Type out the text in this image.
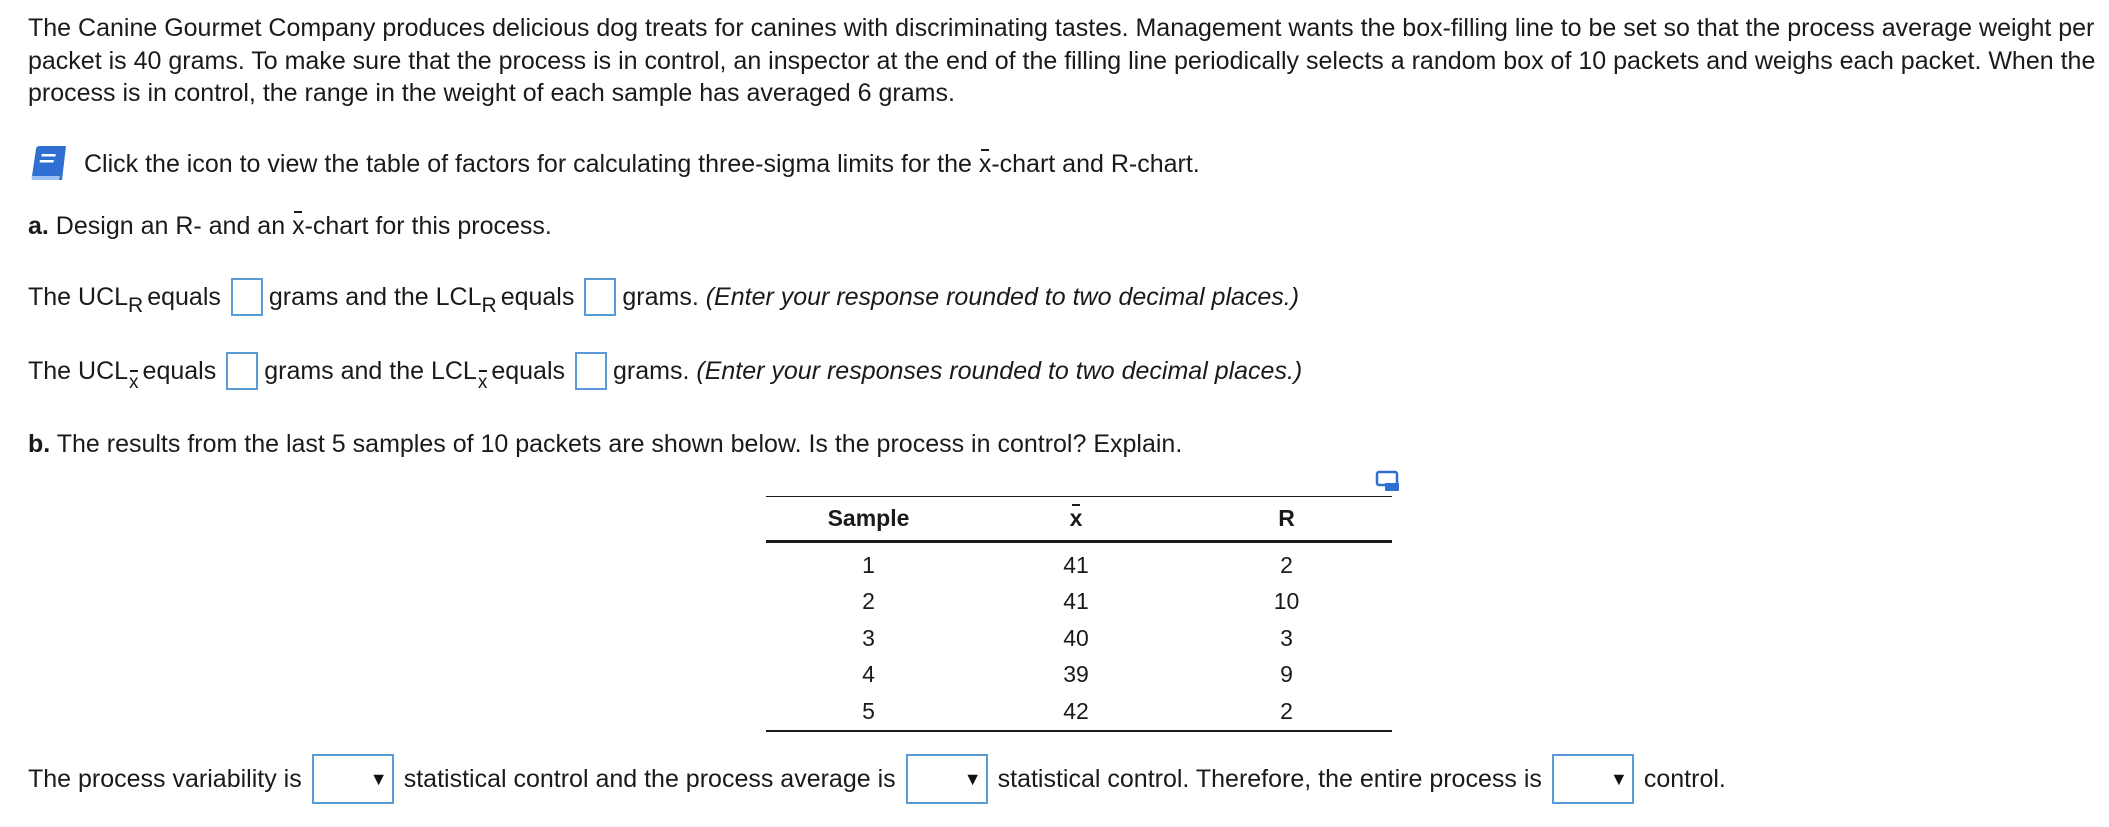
The Canine Gourmet Company produces delicious dog treats for canines with discriminating tastes. Management wants the box-filling line to be set so that the process average weight per packet is 40 grams. To make sure that the process is in control, an inspector at the end of the filling line periodically selects a random box of 10 packets and weighs each packet. When the process is in control, the range in the weight of each sample has averaged 6 grams.
Click the icon to view the table of factors for calculating three-sigma limits for the x-chart and R-chart.
a. Design an R- and an x -chart for this process.
The UCL R equals grams and the LCL R equals grams.
(Enter your response rounded to two decimal places.)
The UCL x equals grams and the LCL x equals grams.
(Enter your responses rounded to two decimal places.)
b. The results from the last 5 samples of 10 packets are shown below. Is the process in control? Explain.
Sample	x	R
1	41	2
2	41	10
3	40	3
4	39	9
5	42	2
The process variability is	▼ statistical control and the process average is	▼ statistical control. Therefore, the entire process is	▼ control.
